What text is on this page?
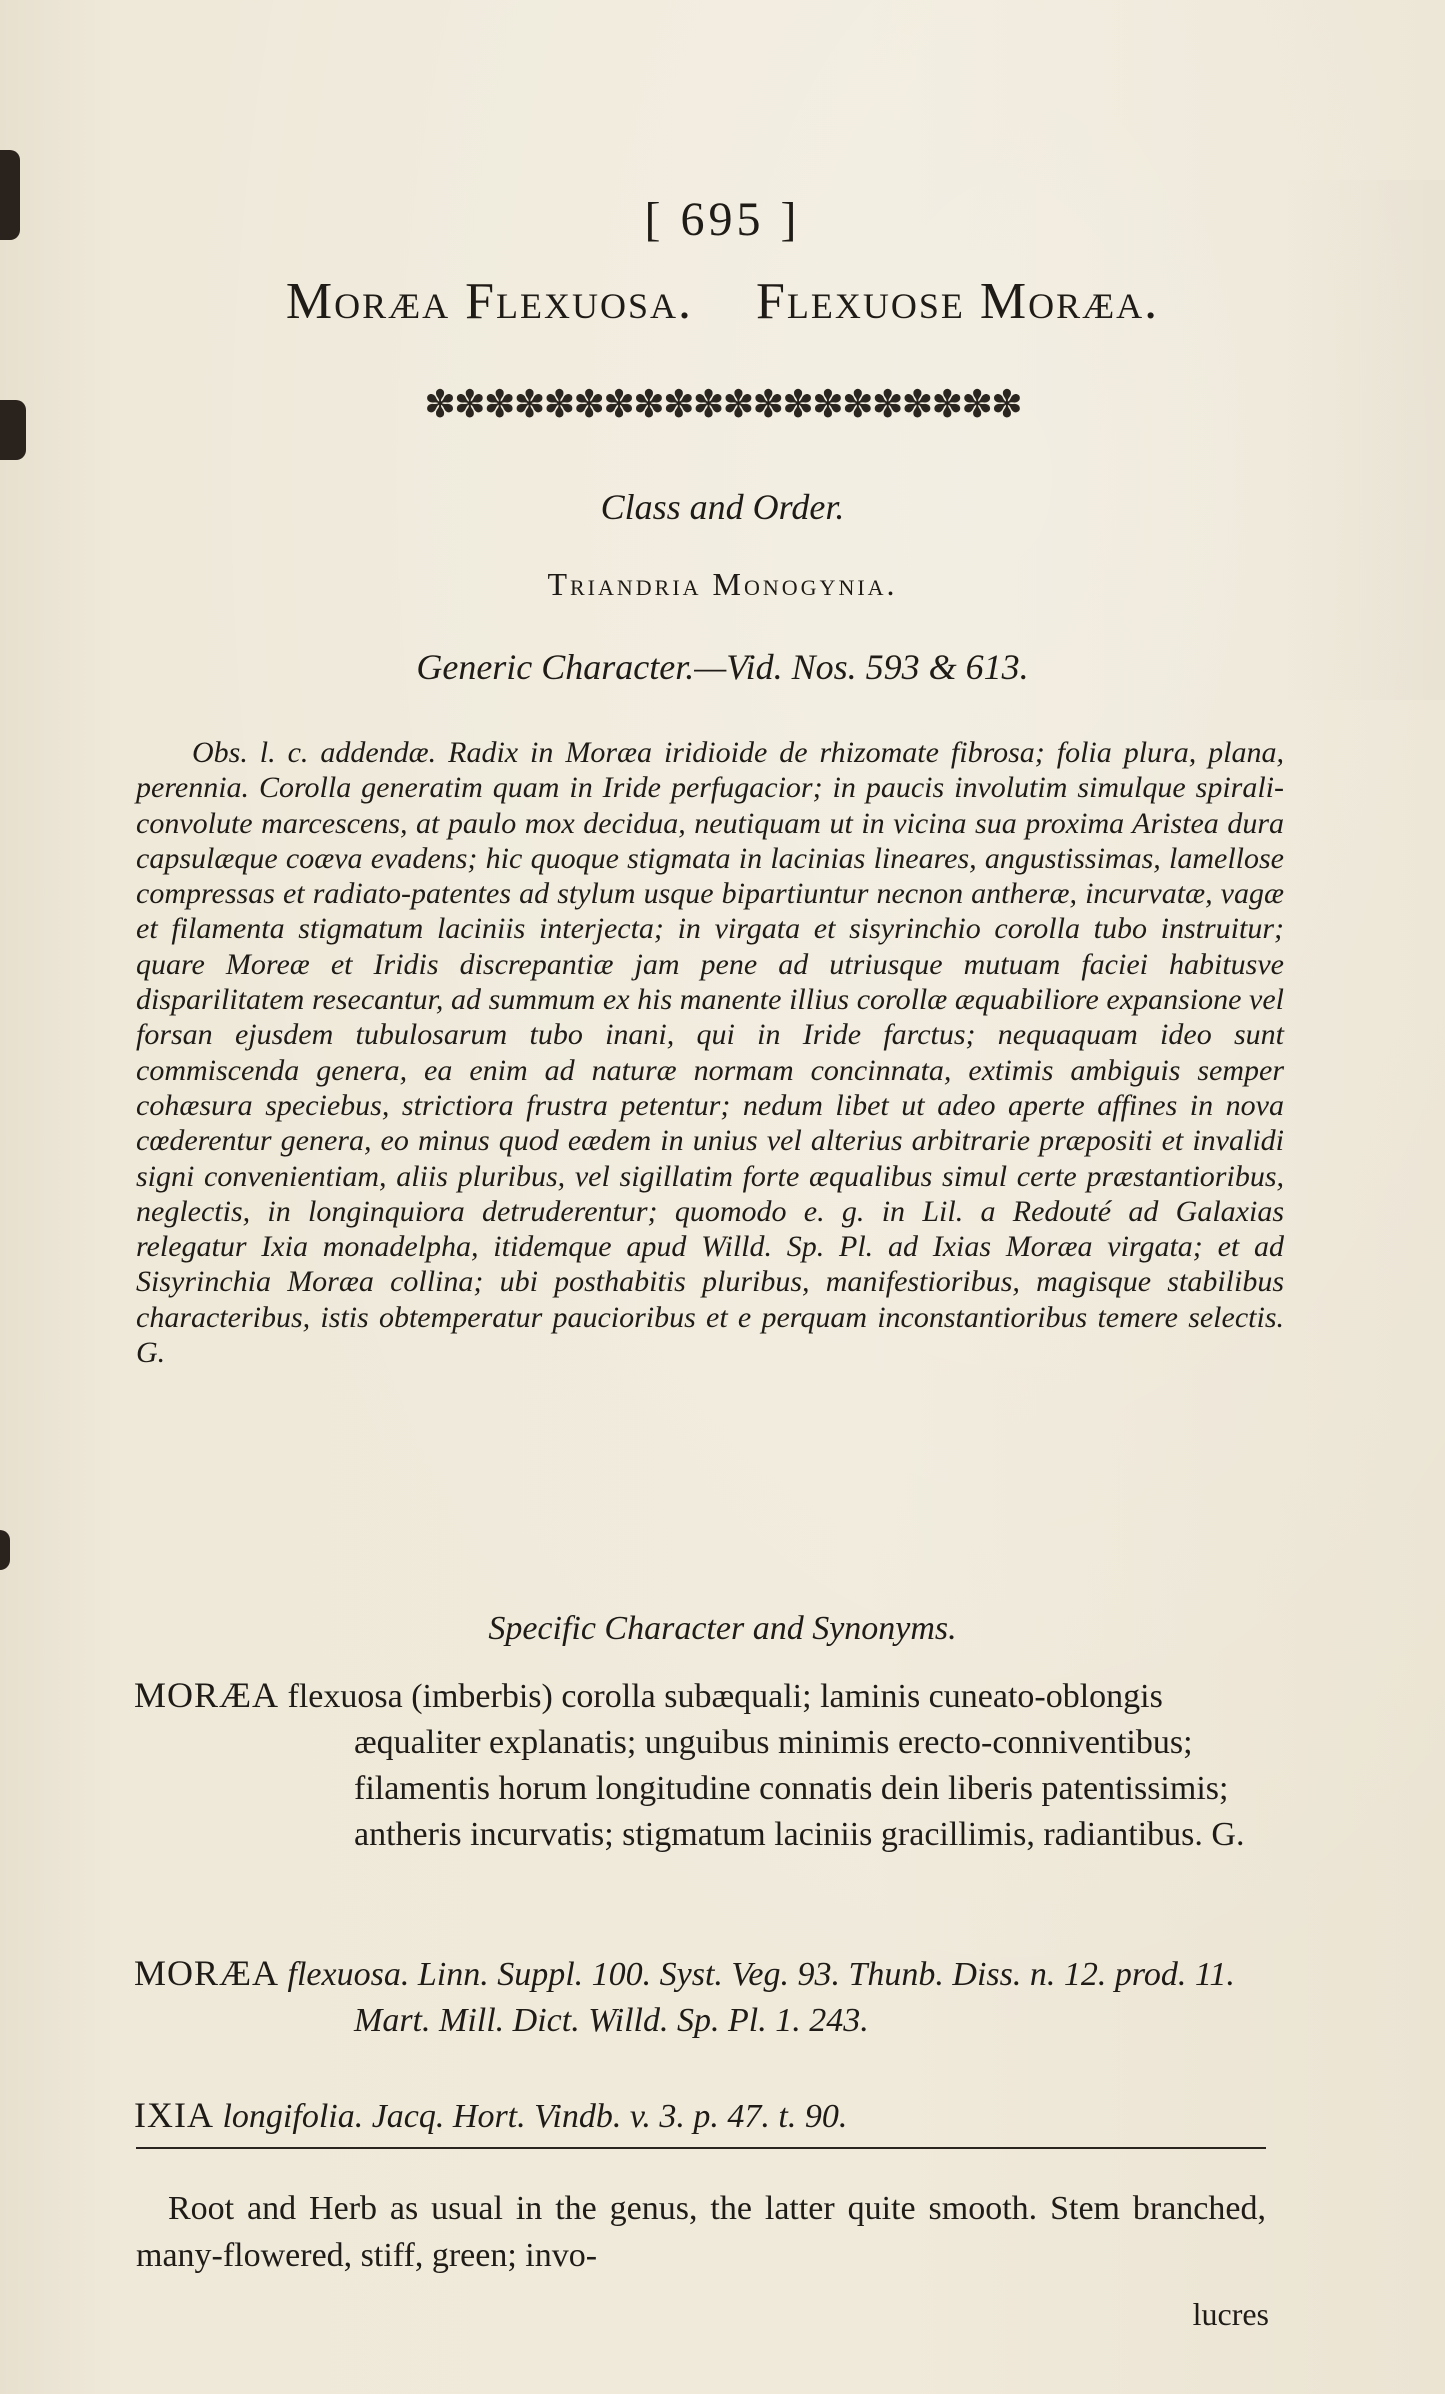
[ 695 ]
Moræa Flexuosa. Flexuose Moræa.
✽✽✽✽✽✽✽✽✽✽✽✽✽✽✽✽✽✽✽✽
Class and Order.
Triandria Monogynia.
Generic Character.—Vid. Nos. 593 & 613.
Obs. l. c. addendæ. Radix in Moræa iridioide de rhizomate fibrosa; folia plura, plana, perennia. Corolla generatim quam in Iride perfugacior; in paucis involutim simulque spirali-convolute marcescens, at paulo mox decidua, neutiquam ut in vicina sua proxima Aristea dura capsulæque coæva evadens; hic quoque stigmata in lacinias lineares, angustissimas, lamellose compressas et radiato-patentes ad stylum usque bipartiuntur necnon antheræ, incurvatæ, vagæ et filamenta stigmatum laciniis interjecta; in virgata et sisyrinchio corolla tubo instruitur; quare Moreæ et Iridis discrepantiæ jam pene ad utriusque mutuam faciei habitusve disparilitatem resecantur, ad summum ex his manente illius corollæ æquabiliore expansione vel forsan ejusdem tubulosarum tubo inani, qui in Iride farctus; nequaquam ideo sunt commiscenda genera, ea enim ad naturæ normam concinnata, extimis ambiguis semper cohæsura speciebus, strictiora frustra petentur; nedum libet ut adeo aperte affines in nova cœderentur genera, eo minus quod eædem in unius vel alterius arbitrarie præpositi et invalidi signi convenientiam, aliis pluribus, vel sigillatim forte æqualibus simul certe præstantioribus, neglectis, in longinquiora detruderentur; quomodo e. g. in Lil. a Redouté ad Galaxias relegatur Ixia monadelpha, itidemque apud Willd. Sp. Pl. ad Ixias Moræa virgata; et ad Sisyrinchia Moræa collina; ubi posthabitis pluribus, manifestioribus, magisque stabilibus characteribus, istis obtemperatur paucioribus et e perquam inconstantioribus temere selectis. G.
Specific Character and Synonyms.
MORÆA flexuosa (imberbis) corolla subæquali; laminis cuneato-oblongis æqualiter explanatis; unguibus minimis erecto-conniventibus; filamentis horum longitudine connatis dein liberis patentissimis; antheris incurvatis; stigmatum laciniis gracillimis, radiantibus. G.
MORÆA flexuosa. Linn. Suppl. 100. Syst. Veg. 93. Thunb. Diss. n. 12. prod. 11. Mart. Mill. Dict. Willd. Sp. Pl. 1. 243.
IXIA longifolia. Jacq. Hort. Vindb. v. 3. p. 47. t. 90.
Root and Herb as usual in the genus, the latter quite smooth. Stem branched, many-flowered, stiff, green; invo-
lucres
